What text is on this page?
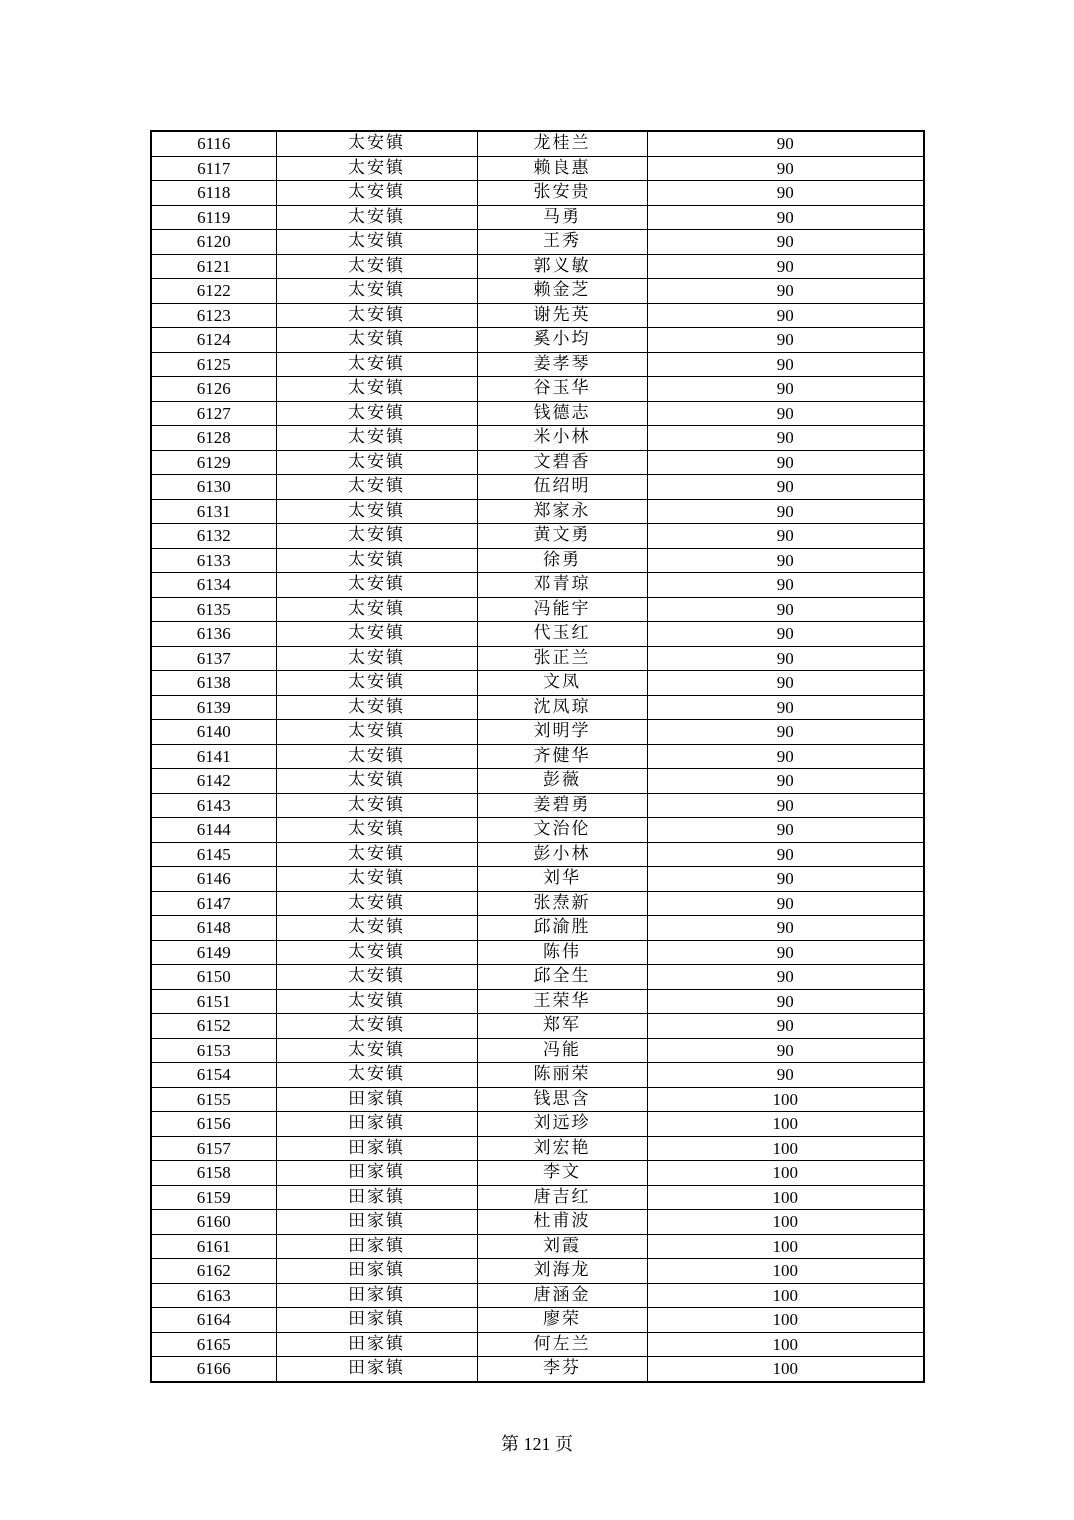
6116	太安镇	龙桂兰	90
6117	太安镇	赖良惠	90
6118	太安镇	张安贵	90
6119	太安镇	马勇	90
6120	太安镇	王秀	90
6121	太安镇	郭义敏	90
6122	太安镇	赖金芝	90
6123	太安镇	谢先英	90
6124	太安镇	奚小均	90
6125	太安镇	姜孝琴	90
6126	太安镇	谷玉华	90
6127	太安镇	钱德志	90
6128	太安镇	米小林	90
6129	太安镇	文碧香	90
6130	太安镇	伍绍明	90
6131	太安镇	郑家永	90
6132	太安镇	黄文勇	90
6133	太安镇	徐勇	90
6134	太安镇	邓青琼	90
6135	太安镇	冯能宇	90
6136	太安镇	代玉红	90
6137	太安镇	张正兰	90
6138	太安镇	文凤	90
6139	太安镇	沈凤琼	90
6140	太安镇	刘明学	90
6141	太安镇	齐健华	90
6142	太安镇	彭薇	90
6143	太安镇	姜碧勇	90
6144	太安镇	文治伦	90
6145	太安镇	彭小林	90
6146	太安镇	刘华	90
6147	太安镇	张焘新	90
6148	太安镇	邱渝胜	90
6149	太安镇	陈伟	90
6150	太安镇	邱全生	90
6151	太安镇	王荣华	90
6152	太安镇	郑军	90
6153	太安镇	冯能	90
6154	太安镇	陈丽荣	90
6155	田家镇	钱思含	100
6156	田家镇	刘远珍	100
6157	田家镇	刘宏艳	100
6158	田家镇	李文	100
6159	田家镇	唐吉红	100
6160	田家镇	杜甫波	100
6161	田家镇	刘霞	100
6162	田家镇	刘海龙	100
6163	田家镇	唐涵金	100
6164	田家镇	廖荣	100
6165	田家镇	何左兰	100
6166	田家镇	李芬	100
第 121 页
